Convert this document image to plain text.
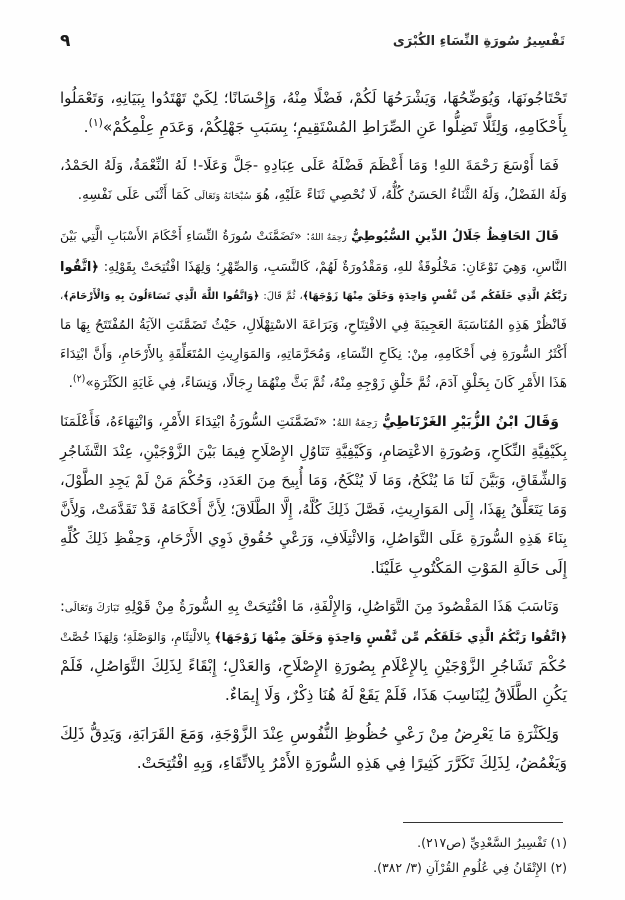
تَفْسِيرُ سُورَةِ النِّسَاءِ الكُبْرَى
٩
تَحْتَاجُونَهَا، وَيُوَضِّحُهَا، وَيَشْرَحُهَا لَكُمْ، فَضْلًا مِنْهُ، وَإِحْسَانًا؛ لِكَيْ تَهْتَدُوا بِبَيَانِهِ، وَتَعْمَلُوا
بِأَحْكَامِهِ، وَلِئَلَّا تَضِلُّوا عَنِ الصِّرَاطِ المُسْتَقِيمِ؛ بِسَبَبِ جَهْلِكُمْ، وَعَدَمِ عِلْمِكُمْ»$^{(١)}$.
فَمَا أَوْسَعَ رَحْمَةَ اللهِ! وَمَا أَعْظَمَ فَضْلَهُ عَلَى عِبَادِهِ -جَلَّ وَعَلَا-! لَهُ النِّعْمَةُ، وَلَهُ الحَمْدُ،
وَلَهُ الفَضْلُ، وَلَهُ الثَّنَاءُ الحَسَنُ كُلُّهُ، لَا نُحْصِي ثَنَاءً عَلَيْهِ، هُوَ سُبْحَانَهُ وَتَعَالَى كَمَا أَثْنَى عَلَى نَفْسِهِ.
قَالَ الحَافِظُ جَلَالُ الدِّينِ السُّيُوطِيُّ رَحِمَهُ اللهُ: «تَضَمَّنَتْ سُورَةُ النِّسَاءِ أَحْكَامَ الأَسْبَابِ الَّتِي بَيْنَ
النَّاسِ، وَهِيَ نَوْعَانِ: مَخْلُوقَةٌ للهِ، وَمَقْدُورَةٌ لَهُمْ، كَالنَّسَبِ، وَالصِّهْرِ؛ وَلِهَذَا افْتُتِحَتْ بِقَوْلِهِ: ﴿اتَّقُوا
رَبَّكُمُ الَّذِي خَلَقَكُم مِّن نَّفْسٍ وَاحِدَةٍ وَخَلَقَ مِنْهَا زَوْجَهَا﴾، ثُمَّ قَالَ: ﴿وَاتَّقُوا اللَّهَ الَّذِي تَسَاءَلُونَ بِهِ وَالْأَرْحَامَ﴾،
فَانْظُرْ هَذِهِ المُنَاسَبَةَ العَجِيبَةَ فِي الافْتِتَاحِ، وَبَرَاعَةَ الاسْتِهْلَالِ، حَيْثُ تَضَمَّنَتِ الآيَةُ المُفْتَتَحُ بِهَا مَا
أَكْثَرُ السُّورَةِ فِي أَحْكَامِهِ، مِنْ: نِكَاحِ النِّسَاءِ، وَمُحَرَّمَاتِهِ، وَالمَوَارِيثِ المُتَعَلِّقَةِ بِالأَرْحَامِ، وَأَنَّ ابْتِدَاءَ
هَذَا الأَمْرِ كَانَ بِخَلْقِ آدَمَ، ثُمَّ خَلْقِ زَوْجِهِ مِنْهُ، ثُمَّ بَثَّ مِنْهُمَا رِجَالًا، وَنِسَاءً، فِي غَايَةِ الكَثْرَةِ»$^{(٢)}$.
وَقَالَ ابْنُ الزُّبَيْرِ الغَرْنَاطِيُّ رَحِمَهُ اللهُ: «تَضَمَّنَتِ السُّورَةُ ابْتِدَاءَ الأَمْرِ، وَانْتِهَاءَهُ، فَأَعْلَمَنَا
بِكَيْفِيَّةِ النِّكَاحِ، وَصُورَةِ الاعْتِصَامِ، وَكَيْفِيَّةِ تَنَاوُلِ الإِصْلَاحِ فِيمَا بَيْنَ الزَّوْجَيْنِ، عِنْدَ التَّشَاجُرِ
وَالشِّقَاقِ، وَبَيَّنَ لَنَا مَا يُنْكَحُ، وَمَا لَا يُنْكَحُ، وَمَا أُبِيحَ مِنَ العَدَدِ، وَحُكْمَ مَنْ لَمْ يَجِدِ الطَّوْلَ،
وَمَا يَتَعَلَّقُ بِهَذَا، إِلَى المَوَارِيثِ، فَصَّلَ ذَلِكَ كُلَّهُ، إِلَّا الطَّلَاقَ؛ لِأَنَّ أَحْكَامَهُ قَدْ تَقَدَّمَتْ، وَلِأَنَّ
بِنَاءَ هَذِهِ السُّورَةِ عَلَى التَّوَاصُلِ، وَالائْتِلَافِ، وَرَعْيِ حُقُوقِ ذَوِي الأَرْحَامِ، وَحِفْظِ ذَلِكَ كُلِّهِ
إِلَى حَالَةِ المَوْتِ المَكْتُوبِ عَلَيْنَا.
وَنَاسَبَ هَذَا المَقْصُودَ مِنَ التَّوَاصُلِ، وَالإِلْفَةِ، مَا افْتُتِحَتْ بِهِ السُّورَةُ مِنْ قَوْلِهِ تَبَارَكَ وَتَعَالَى:
﴿اتَّقُوا رَبَّكُمُ الَّذِي خَلَقَكُم مِّن نَّفْسٍ وَاحِدَةٍ وَخَلَقَ مِنْهَا زَوْجَهَا﴾ بِالالْتِئَامِ، وَالوَصْلَةِ؛ وَلِهَذَا خُصَّتْ
حُكْمَ تَشَاجُرِ الزَّوْجَيْنِ بِالإِعْلَامِ بِصُورَةِ الإِصْلَاحِ، وَالعَدْلِ؛ إِبْقَاءً لِذَلِكَ التَّوَاصُلِ، فَلَمْ
يَكُنِ الطَّلَاقُ لِيُنَاسِبَ هَذَا، فَلَمْ يَقَعْ لَهُ هُنَا ذِكْرٌ، وَلَا إِيمَاءٌ.
وَلِكَثْرَةِ مَا يَعْرِضُ مِنْ رَعْيِ حُظُوظِ النُّفُوسِ عِنْدَ الزَّوْجَةِ، وَمَعَ القَرَابَةِ، وَيَدِقُّ ذَلِكَ
وَيَغْمُضُ، لِذَلِكَ تَكَرَّرَ كَثِيرًا فِي هَذِهِ السُّورَةِ الأَمْرُ بِالاتِّقَاءِ، وَبِهِ افْتُتِحَتْ.
(١) تَفْسِيرُ السَّعْدِيِّ (ص٢١٧).
(٢) الإِتْقَانُ فِي عُلُومِ القُرْآنِ (٣/ ٣٨٢).
